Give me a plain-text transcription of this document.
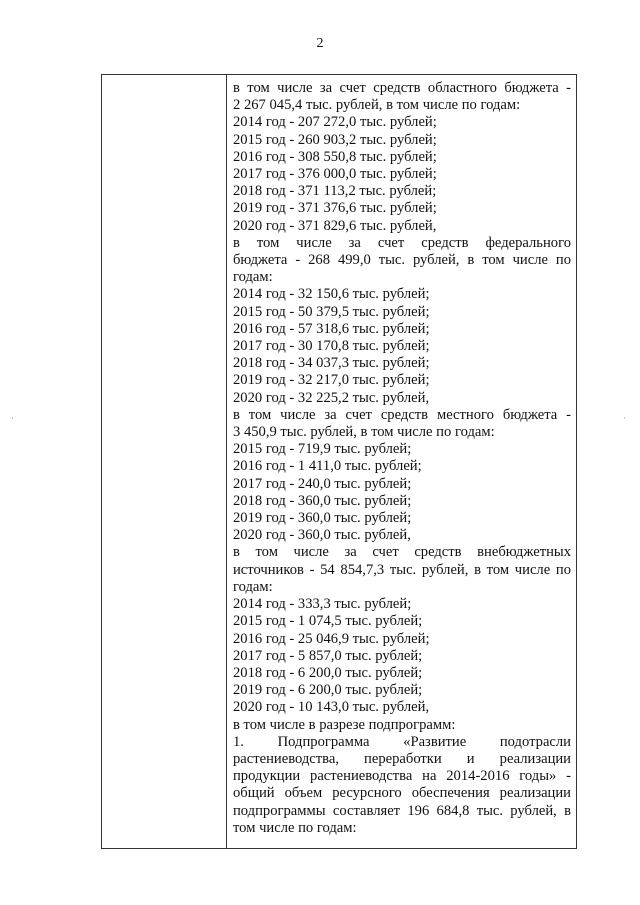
2
в том числе за счет средств областного бюджета -
2 267 045,4 тыс. рублей, в том числе по годам:
2014 год - 207 272,0 тыс. рублей;
2015 год - 260 903,2 тыс. рублей;
2016 год - 308 550,8 тыс. рублей;
2017 год - 376 000,0 тыс. рублей;
2018 год - 371 113,2 тыс. рублей;
2019 год - 371 376,6 тыс. рублей;
2020 год - 371 829,6 тыс. рублей,
в том числе за счет средств федерального
бюджета - 268 499,0 тыс. рублей, в том числе по
годам:
2014 год - 32 150,6 тыс. рублей;
2015 год - 50 379,5 тыс. рублей;
2016 год - 57 318,6 тыс. рублей;
2017 год - 30 170,8 тыс. рублей;
2018 год - 34 037,3 тыс. рублей;
2019 год - 32 217,0 тыс. рублей;
2020 год - 32 225,2 тыс. рублей,
в том числе за счет средств местного бюджета -
3 450,9 тыс. рублей, в том числе по годам:
2015 год - 719,9 тыс. рублей;
2016 год - 1 411,0 тыс. рублей;
2017 год - 240,0 тыс. рублей;
2018 год - 360,0 тыс. рублей;
2019 год - 360,0 тыс. рублей;
2020 год - 360,0 тыс. рублей,
в том числе за счет средств внебюджетных
источников - 54 854,7,3 тыс. рублей, в том числе по
годам:
2014 год - 333,3 тыс. рублей;
2015 год - 1 074,5 тыс. рублей;
2016 год - 25 046,9 тыс. рублей;
2017 год - 5 857,0 тыс. рублей;
2018 год - 6 200,0 тыс. рублей;
2019 год - 6 200,0 тыс. рублей;
2020 год - 10 143,0 тыс. рублей,
в том числе в разрезе подпрограмм:
1. Подпрограмма «Развитие подотрасли
растениеводства, переработки и реализации
продукции растениеводства на 2014-2016 годы» -
общий объем ресурсного обеспечения реализации
подпрограммы составляет 196 684,8 тыс. рублей, в
том числе по годам:
·	·
